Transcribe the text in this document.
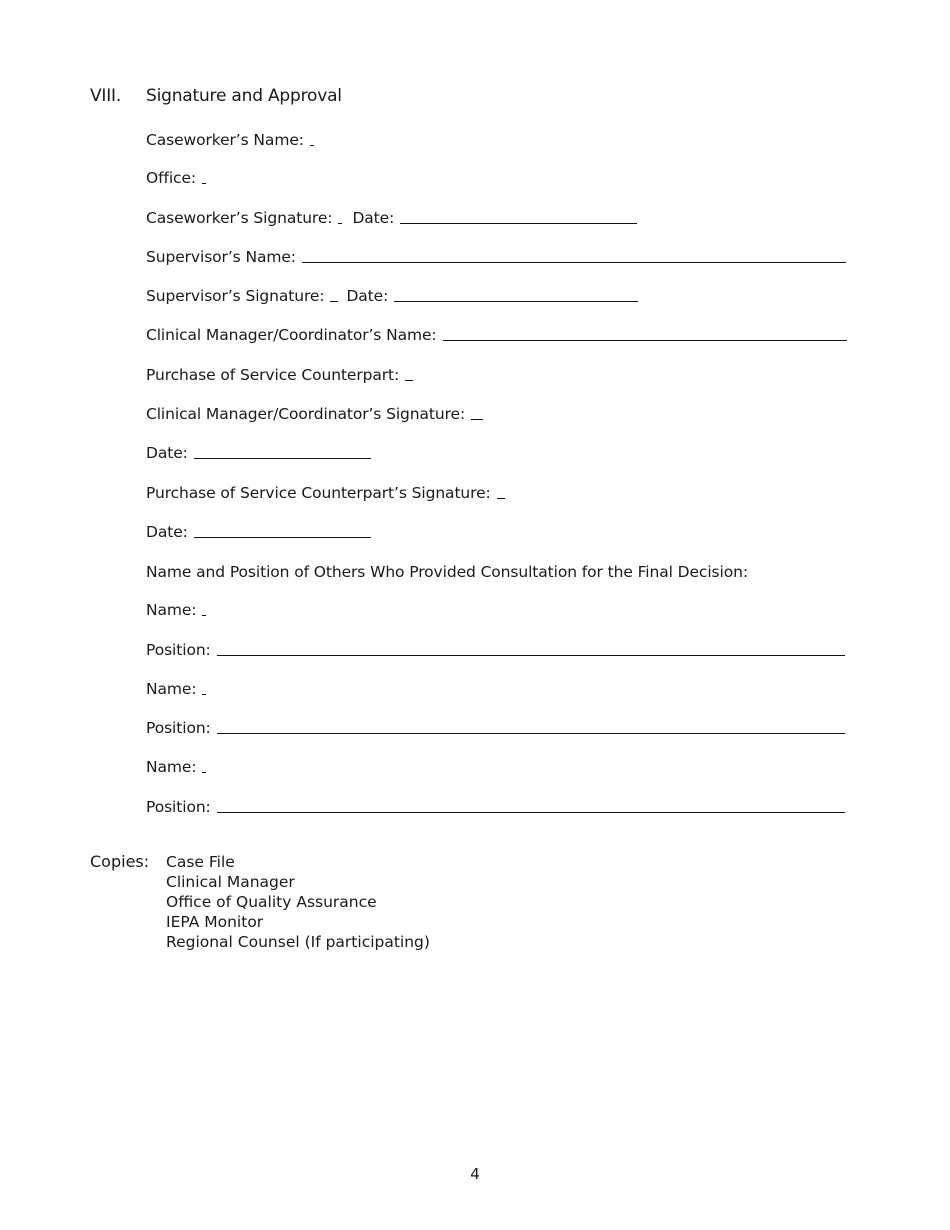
VIII. Signature and Approval
Caseworker’s Name:
Office:
Caseworker’s Signature: Date:
Supervisor’s Name:
Supervisor’s Signature: Date:
Clinical Manager/Coordinator’s Name:
Purchase of Service Counterpart:
Clinical Manager/Coordinator’s Signature:
Date:
Purchase of Service Counterpart’s Signature:
Date:
Name and Position of Others Who Provided Consultation for the Final Decision:
Name:
Position:
Name:
Position:
Name:
Position:
Copies:	Case File
Clinical Manager
Office of Quality Assurance
IEPA Monitor
Regional Counsel (If participating)
4
